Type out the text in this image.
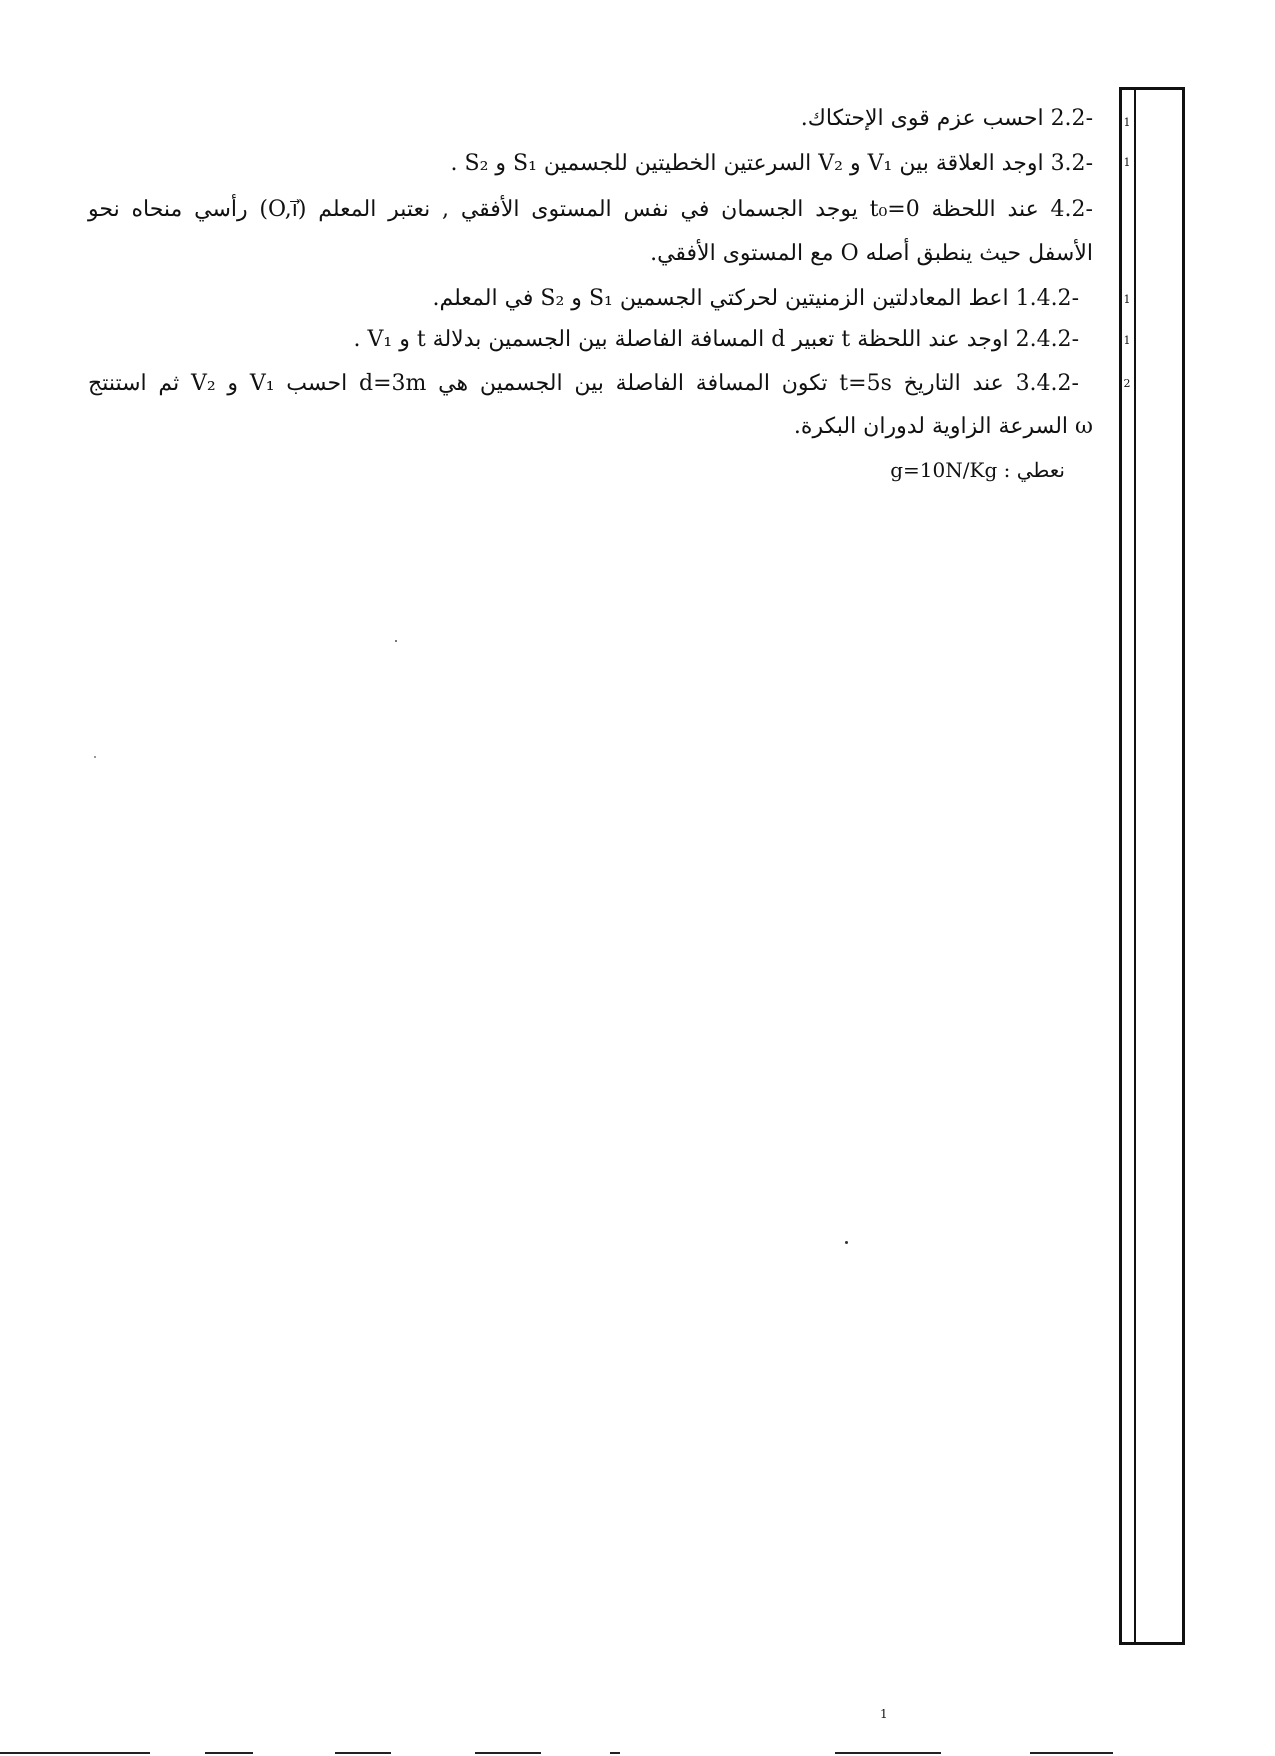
1
1
1
1
2
-2.2 احسب عزم قوى الإحتكاك.
-3.2 اوجد العلاقة بين V₁ و V₂ السرعتين الخطيتين للجسمين S₁ و S₂ .
-4.2 عند اللحظة t₀=0 يوجد الجسمان في نفس المستوى الأفقي , نعتبر المعلم (O,i⃗) رأسي منحاه نحو
الأسفل حيث ينطبق أصله O مع المستوى الأفقي.
-1.4.2 اعط المعادلتين الزمنيتين لحركتي الجسمين S₁ و S₂ في المعلم.
-2.4.2 اوجد عند اللحظة t تعبير d المسافة الفاصلة بين الجسمين بدلالة t و V₁ .
-3.4.2 عند التاريخ t=5s تكون المسافة الفاصلة بين الجسمين هي d=3m احسب V₁ و V₂ ثم استنتج
ω السرعة الزاوية لدوران البكرة.
نعطي : g=10N/Kg
1
